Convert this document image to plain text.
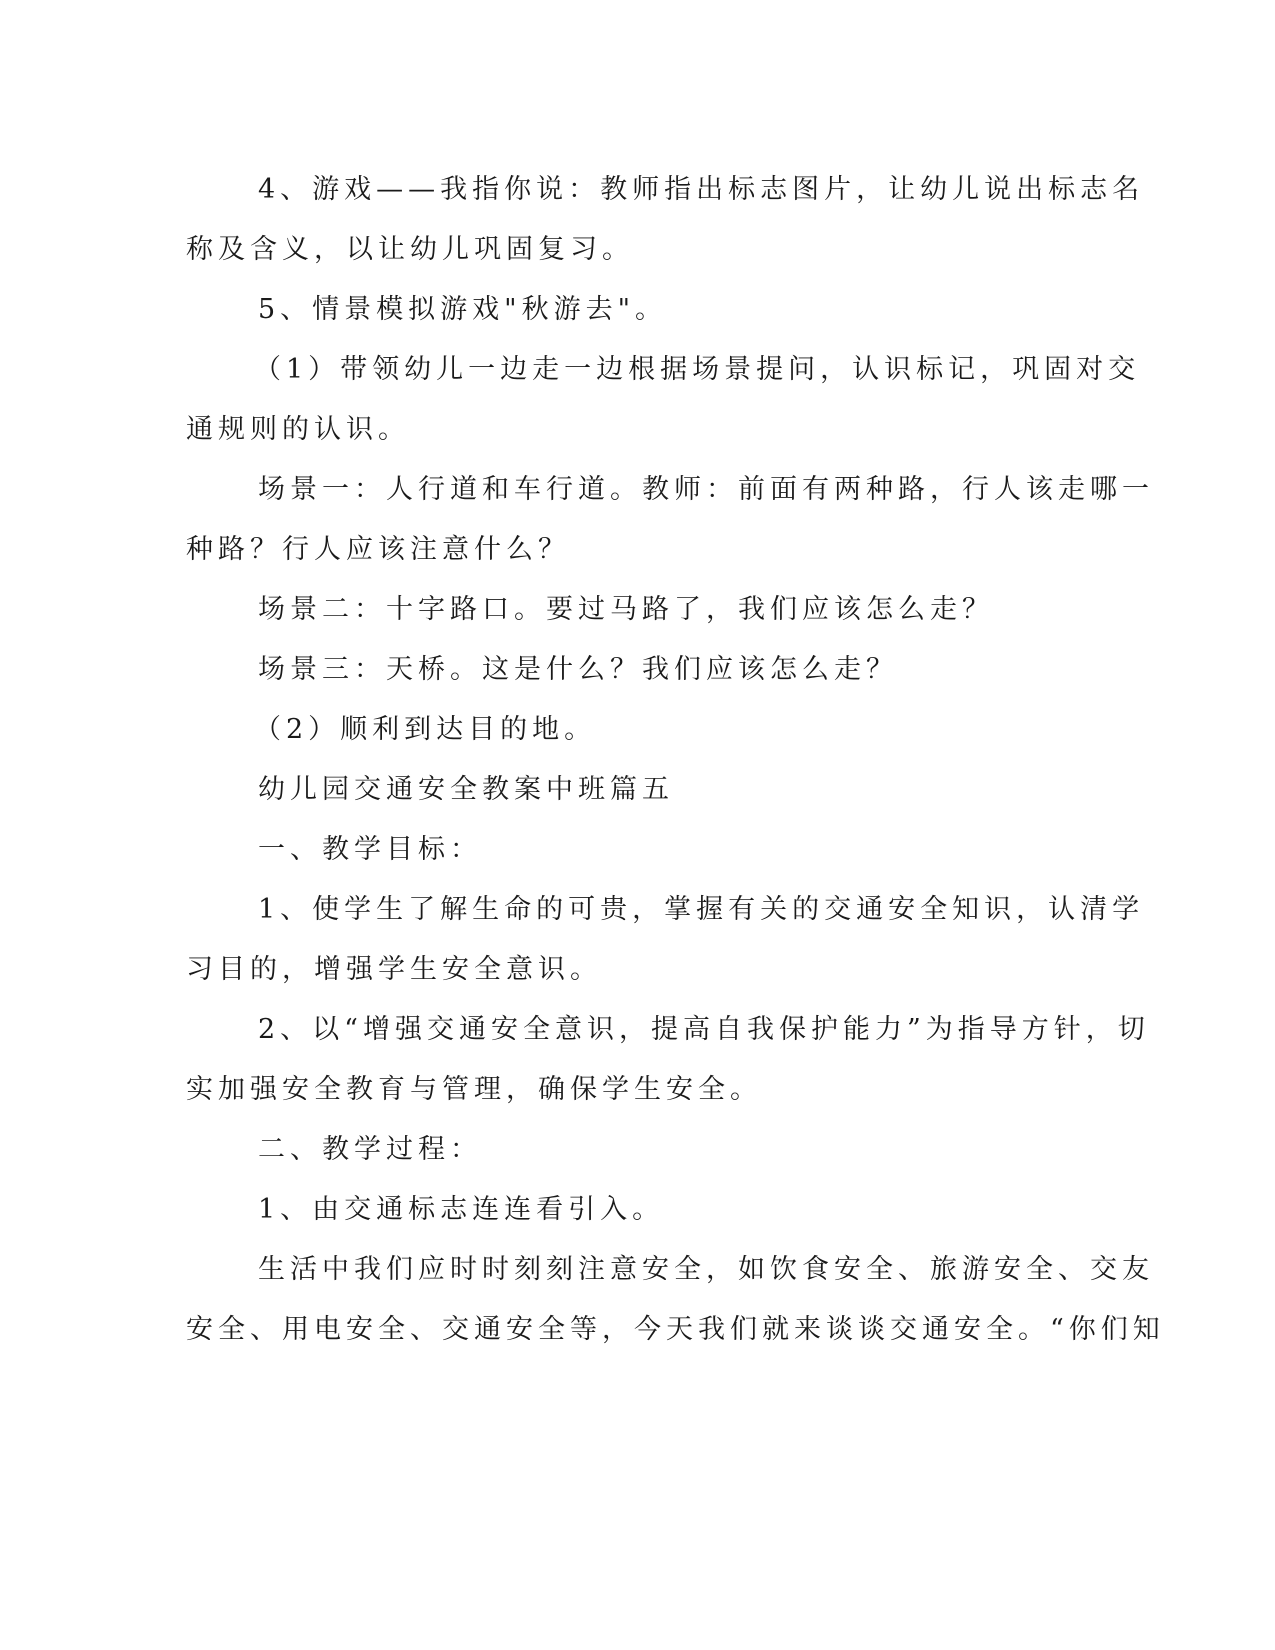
4、游戏——我指你说：教师指出标志图片，让幼儿说出标志名

称及含义，以让幼儿巩固复习。

5、情景模拟游戏"秋游去"。

（1）带领幼儿一边走一边根据场景提问，认识标记，巩固对交

通规则的认识。

场景一：人行道和车行道。教师：前面有两种路，行人该走哪一

种路？行人应该注意什么？

场景二：十字路口。要过马路了，我们应该怎么走？

场景三：天桥。这是什么？我们应该怎么走？

（2）顺利到达目的地。

幼儿园交通安全教案中班篇五

一、教学目标：

1、使学生了解生命的可贵，掌握有关的交通安全知识，认清学

习目的，增强学生安全意识。

2、以“增强交通安全意识，提高自我保护能力”为指导方针，切

实加强安全教育与管理，确保学生安全。

二、教学过程：

1、由交通标志连连看引入。

生活中我们应时时刻刻注意安全，如饮食安全、旅游安全、交友

安全、用电安全、交通安全等，今天我们就来谈谈交通安全。“你们知
